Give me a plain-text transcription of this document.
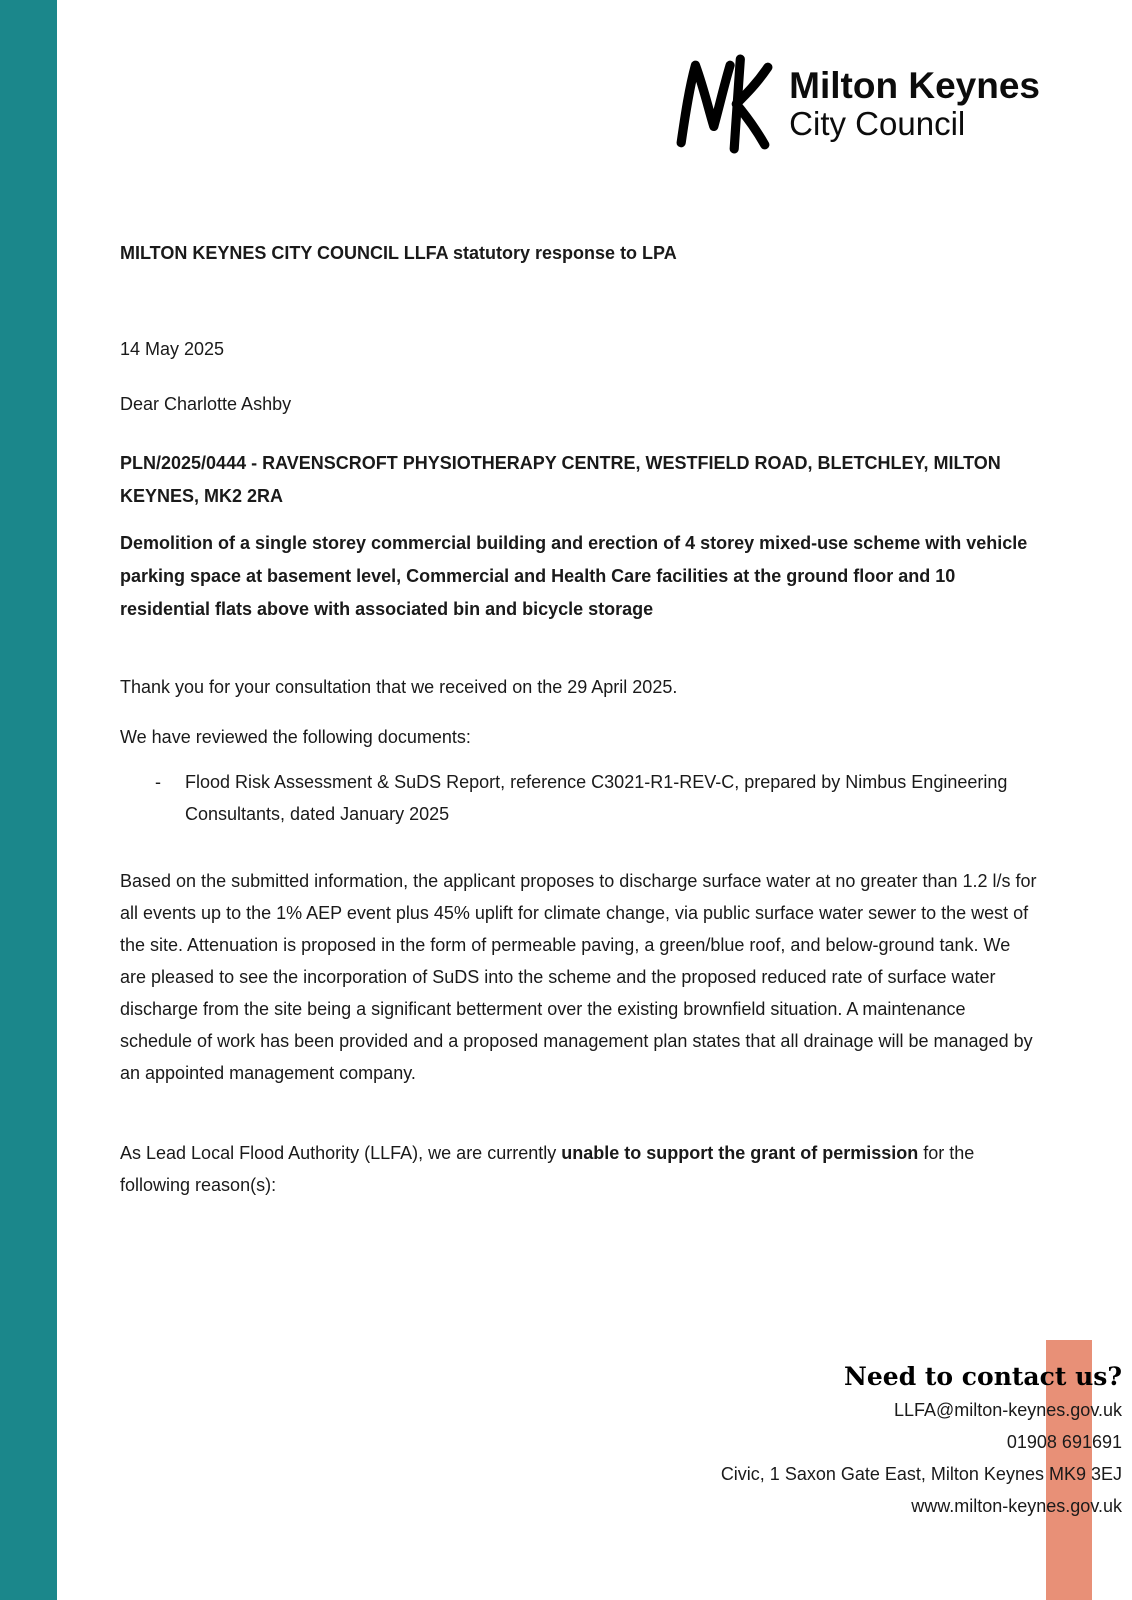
Milton Keynes
City Council
MILTON KEYNES CITY COUNCIL LLFA statutory response to LPA
14 May 2025
Dear Charlotte Ashby
PLN/2025/0444 - RAVENSCROFT PHYSIOTHERAPY CENTRE, WESTFIELD ROAD, BLETCHLEY, MILTON KEYNES, MK2 2RA
Demolition of a single storey commercial building and erection of 4 storey mixed-use scheme with vehicle parking space at basement level, Commercial and Health Care facilities at the ground floor and 10 residential flats above with associated bin and bicycle storage
Thank you for your consultation that we received on the 29 April 2025.
We have reviewed the following documents:
-	Flood Risk Assessment & SuDS Report, reference C3021-R1-REV-C, prepared by Nimbus Engineering Consultants, dated January 2025
Based on the submitted information, the applicant proposes to discharge surface water at no greater than 1.2 l/s for all events up to the 1% AEP event plus 45% uplift for climate change, via public surface water sewer to the west of the site. Attenuation is proposed in the form of permeable paving, a green/blue roof, and below-ground tank. We are pleased to see the incorporation of SuDS into the scheme and the proposed reduced rate of surface water discharge from the site being a significant betterment over the existing brownfield situation. A maintenance schedule of work has been provided and a proposed management plan states that all drainage will be managed by an appointed management company.
As Lead Local Flood Authority (LLFA), we are currently unable to support the grant of permission for the following reason(s):
Need to contact us?
LLFA@milton-keynes.gov.uk
01908 691691
Civic, 1 Saxon Gate East, Milton Keynes MK9 3EJ
www.milton-keynes.gov.uk
